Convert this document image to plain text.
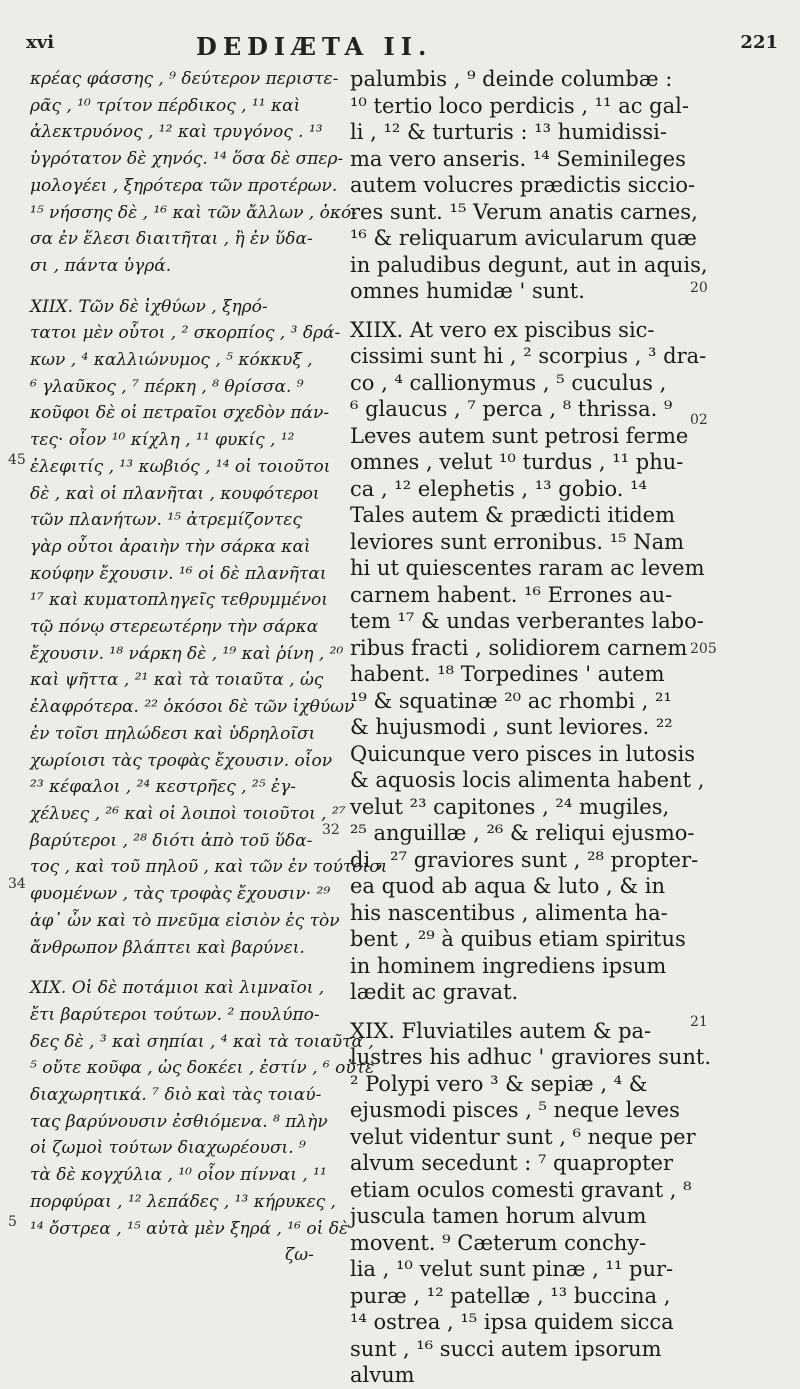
xvi	DEDIÆTA II.	221
κρέας φάσσης , ⁹ δεύτερον περιστε-
ρᾶς , ¹⁰ τρίτον πέρδικος , ¹¹ καὶ
ἀλεκτρυόνος , ¹² καὶ τρυγόνος . ¹³
ὑγρότατον δὲ χηνός. ¹⁴ ὅσα δὲ σπερ-
μολογέει , ξηρότερα τῶν προτέρων.
¹⁵ νήσσης δὲ , ¹⁶ καὶ τῶν ἄλλων , ὁκό-
σα ἐν ἕλεσι διαιτῆται , ἢ ἐν ὕδα-
σι , πάντα ὑγρά.
XIIX. Τῶν δὲ ἰχθύων , ξηρό-
τατοι μὲν οὗτοι , ² σκορπίος , ³ δρά-
κων , ⁴ καλλιώνυμος , ⁵ κόκκυξ ,
⁶ γλαῦκος , ⁷ πέρκη , ⁸ θρίσσα. ⁹
κοῦφοι δὲ οἱ πετραῖοι σχεδὸν πάν-
τες· οἷον ¹⁰ κίχλη , ¹¹ φυκίς , ¹²
ἐλεφιτίς , ¹³ κωβιός , ¹⁴ οἱ τοιοῦτοι
δὲ , καὶ οἱ πλανῆται , κουφότεροι
τῶν πλανήτων. ¹⁵ ἀτρεμίζοντες
γὰρ οὗτοι ἀραιὴν τὴν σάρκα καὶ
κούφην ἔχουσιν. ¹⁶ οἱ δὲ πλανῆται
¹⁷ καὶ κυματοπληγεῖς τεθρυμμένοι
τῷ πόνῳ στερεωτέρην τὴν σάρκα
ἔχουσιν. ¹⁸ νάρκη δὲ , ¹⁹ καὶ ῥίνη , ²⁰
καὶ ψῆττα , ²¹ καὶ τὰ τοιαῦτα , ὡς
ἐλαφρότερα. ²² ὁκόσοι δὲ τῶν ἰχθύων
ἐν τοῖσι πηλώδεσι καὶ ὑδρηλοῖσι
χωρίοισι τὰς τροφὰς ἔχουσιν. οἷον
²³ κέφαλοι , ²⁴ κεστρῆες , ²⁵ ἐγ-
χέλυες , ²⁶ καὶ οἱ λοιποὶ τοιοῦτοι , ²⁷
βαρύτεροι , ²⁸ διότι ἀπὸ τοῦ ὕδα-
τος , καὶ τοῦ πηλοῦ , καὶ τῶν ἐν τούτοισι
φυομένων , τὰς τροφὰς ἔχουσιν· ²⁹
ἀφ᾿ ὧν καὶ τὸ πνεῦμα εἰσιὸν ἐς τὸν
ἄνθρωπον βλάπτει καὶ βαρύνει.
XIX. Οἱ δὲ ποτάμιοι καὶ λιμναῖοι ,
ἔτι βαρύτεροι τούτων. ² πουλύπο-
δες δὲ , ³ καὶ σηπίαι , ⁴ καὶ τὰ τοιαῦτα ,
⁵ οὔτε κοῦφα , ὡς δοκέει , ἐστίν , ⁶ οὔτε
διαχωρητικά. ⁷ διὸ καὶ τὰς τοιαύ-
τας βαρύνουσιν ἐσθιόμενα. ⁸ πλὴν
οἱ ζωμοὶ τούτων διαχωρέουσι. ⁹
τὰ δὲ κογχύλια , ¹⁰ οἷον πίνναι , ¹¹
πορφύραι , ¹² λεπάδες , ¹³ κήρυκες ,
¹⁴ ὄστρεα , ¹⁵ αὐτὰ μὲν ξηρά , ¹⁶ οἱ δὲ
ζω-
palumbis , ⁹ deinde columbæ :
¹⁰ tertio loco perdicis , ¹¹ ac gal-
li , ¹² & turturis : ¹³ humidissi-
ma vero anseris. ¹⁴ Seminileges
autem volucres prædictis siccio-
res sunt. ¹⁵ Verum anatis carnes,
¹⁶ & reliquarum avicularum quæ
in paludibus degunt, aut in aquis,
omnes humidæ ' sunt.
XIIX. At vero ex piscibus sic-
cissimi sunt hi , ² scorpius , ³ dra-
co , ⁴ callionymus , ⁵ cuculus ,
⁶ glaucus , ⁷ perca , ⁸ thrissa. ⁹
Leves autem sunt petrosi ferme
omnes , velut ¹⁰ turdus , ¹¹ phu-
ca , ¹² elephetis , ¹³ gobio. ¹⁴
Tales autem & prædicti itidem
leviores sunt erronibus. ¹⁵ Nam
hi ut quiescentes raram ac levem
carnem habent. ¹⁶ Errones au-
tem ¹⁷ & undas verberantes labo-
ribus fracti , solidiorem carnem
habent. ¹⁸ Torpedines ' autem
¹⁹ & squatinæ ²⁰ ac rhombi , ²¹
& hujusmodi , sunt leviores. ²²
Quicunque vero pisces in lutosis
& aquosis locis alimenta habent ,
velut ²³ capitones , ²⁴ mugiles,
²⁵ anguillæ , ²⁶ & reliqui ejusmo-
di , ²⁷ graviores sunt , ²⁸ propter-
ea quod ab aqua & luto , & in
his nascentibus , alimenta ha-
bent , ²⁹ à quibus etiam spiritus
in hominem ingrediens ipsum
lædit ac gravat.
XIX. Fluviatiles autem & pa-
lustres his adhuc ' graviores sunt.
² Polypi vero ³ & sepiæ , ⁴ &
ejusmodi pisces , ⁵ neque leves
velut videntur sunt , ⁶ neque per
alvum secedunt : ⁷ quapropter
etiam oculos comesti gravant , ⁸
jusculа tamen horum alvum
movent. ⁹ Cæterum conchy-
lia , ¹⁰ velut sunt pinæ , ¹¹ pur-
puræ , ¹² patellæ , ¹³ buccina ,
¹⁴ ostrea , ¹⁵ ipsa quidem sicca
sunt , ¹⁶ succi autem ipsorum
alvum
45
34
5
32
20
02
205
21
